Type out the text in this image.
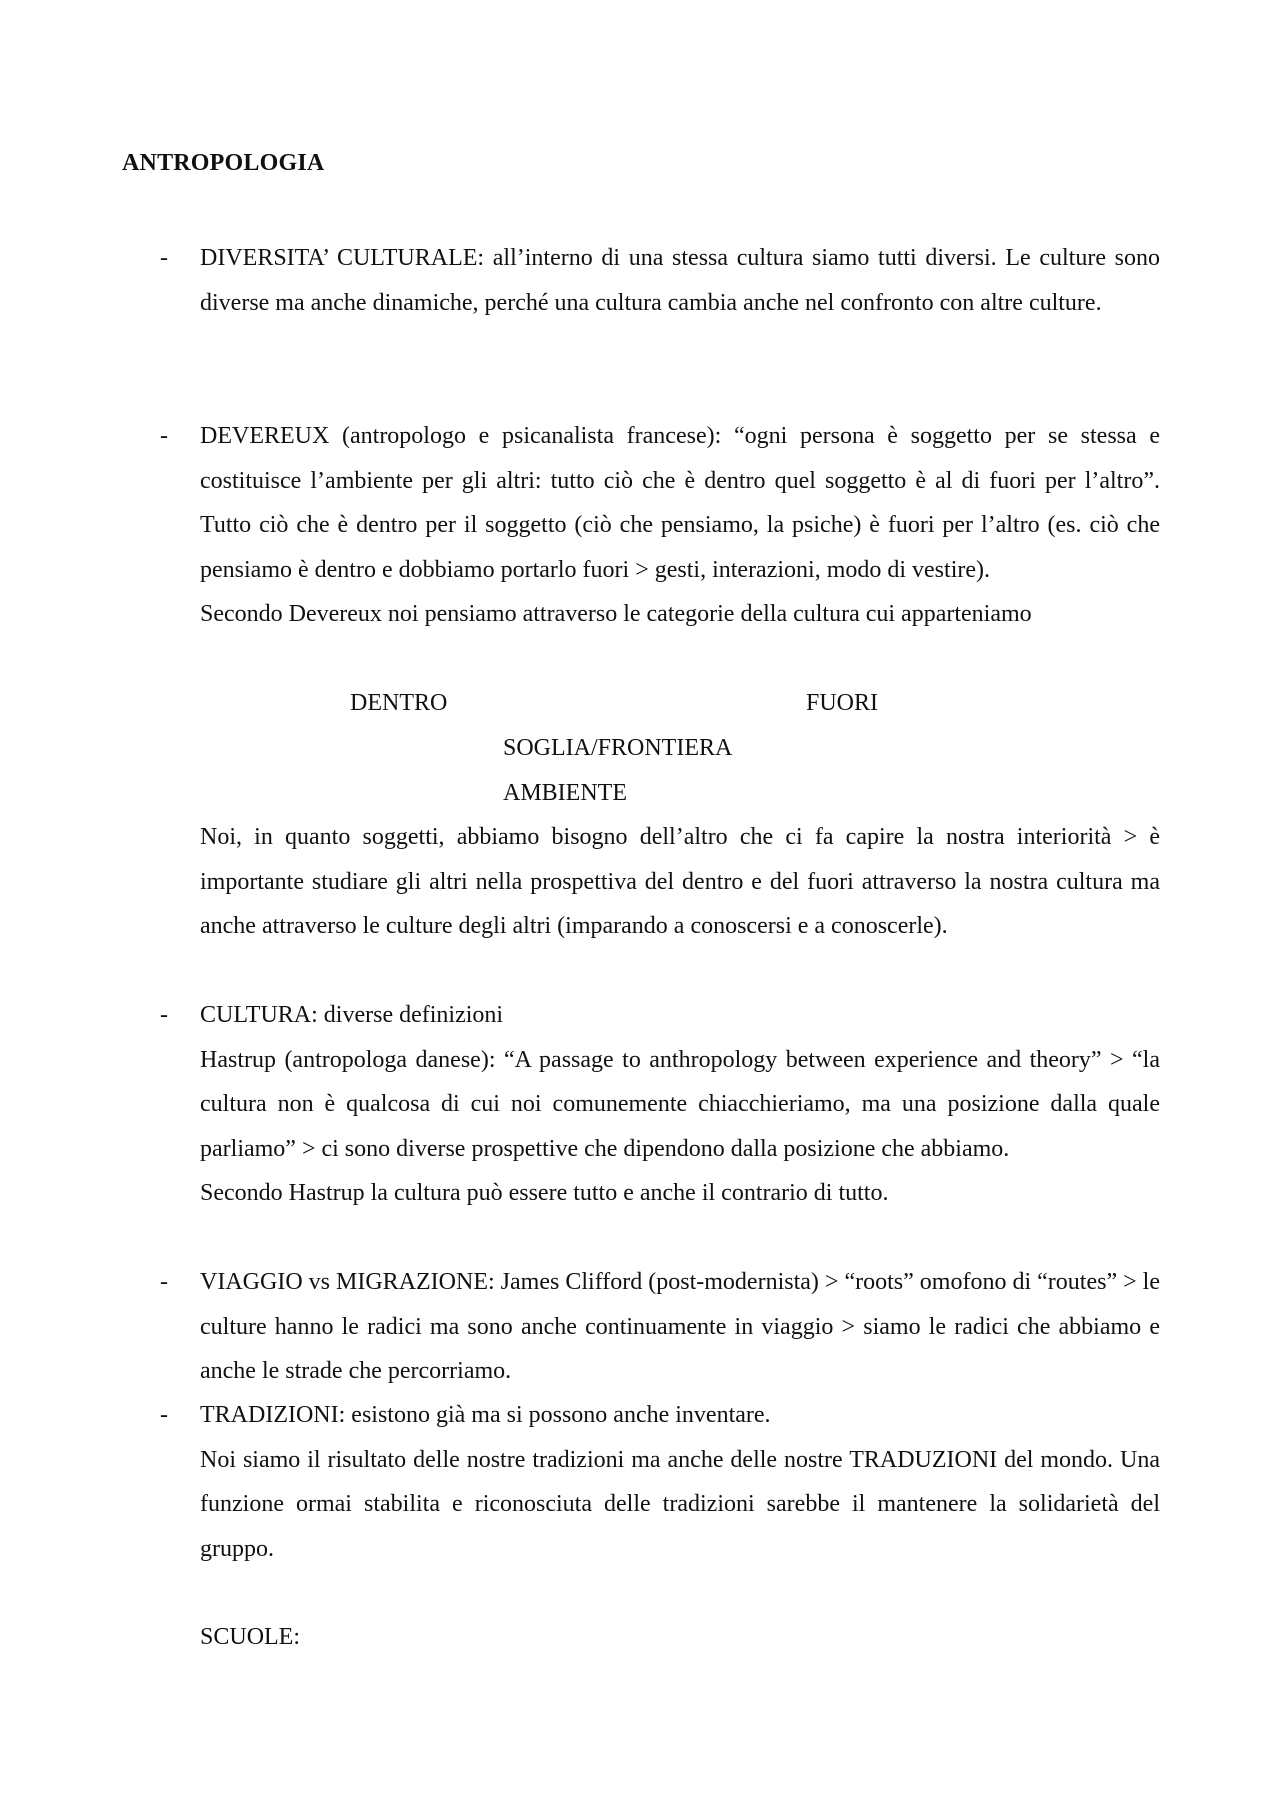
ANTROPOLOGIA
- DIVERSITA’ CULTURALE: all’interno di una stessa cultura siamo tutti diversi. Le culture sono diverse ma anche dinamiche, perché una cultura cambia anche nel confronto con altre culture.

- DEVEREUX (antropologo e psicanalista francese): “ogni persona è soggetto per se stessa e costituisce l’ambiente per gli altri: tutto ciò che è dentro quel soggetto è al di fuori per l’altro”. Tutto ciò che è dentro per il soggetto (ciò che pensiamo, la psiche) è fuori per l’altro (es. ciò che pensiamo è dentro e dobbiamo portarlo fuori > gesti, interazioni, modo di vestire).

Secondo Devereux noi pensiamo attraverso le categorie della cultura cui apparteniamo

DENTRO	FUORI
SOGLIA/FRONTIERA
AMBIENTE

Noi, in quanto soggetti, abbiamo bisogno dell’altro che ci fa capire la nostra interiorità > è importante studiare gli altri nella prospettiva del dentro e del fuori attraverso la nostra cultura ma anche attraverso le culture degli altri (imparando a conoscersi e a conoscerle).

- CULTURA: diverse definizioni

Hastrup (antropologa danese): “A passage to anthropology between experience and theory” > “la cultura non è qualcosa di cui noi comunemente chiacchieriamo, ma una posizione dalla quale parliamo” > ci sono diverse prospettive che dipendono dalla posizione che abbiamo.

Secondo Hastrup la cultura può essere tutto e anche il contrario di tutto.

- VIAGGIO vs MIGRAZIONE: James Clifford (post-modernista) > “roots” omofono di “routes” > le culture hanno le radici ma sono anche continuamente in viaggio > siamo le radici che abbiamo e anche le strade che percorriamo.

- TRADIZIONI: esistono già ma si possono anche inventare.

Noi siamo il risultato delle nostre tradizioni ma anche delle nostre TRADUZIONI del mondo. Una funzione ormai stabilita e riconosciuta delle tradizioni sarebbe il mantenere la solidarietà del gruppo.

SCUOLE:
